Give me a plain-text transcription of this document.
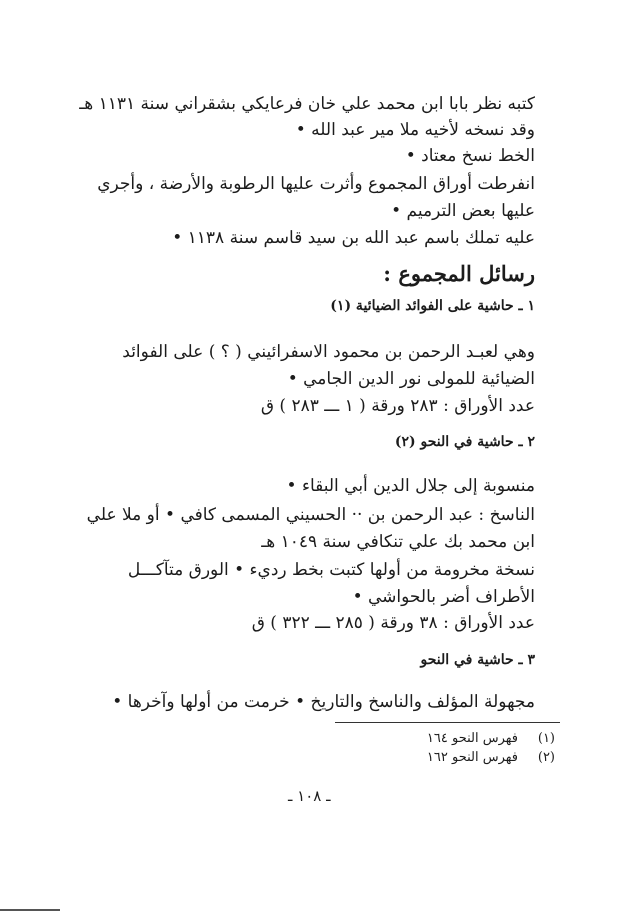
كتبه نظر بابا ابن محمد علي خان فرعايكي بشقراني سنة ١١٣١ هـ
وقد نسخه لأخيه ملا مير عبد الله •
الخط نسخ معتاد •
انفرطت أوراق المجموع وأثرت عليها الرطوبة والأرضة ، وأجري
عليها بعض الترميم •
عليه تملك باسم عبد الله بن سيد قاسم سنة ١١٣٨ •
رسائل المجموع :
١ ـ حاشية على الفوائد الضيائية (١)
وهي لعبـد الرحمن بن محمود الاسفرائيني ( ؟ ) على الفوائد
الضيائية للمولى نور الدين الجامي •
عدد الأوراق : ٢٨٣ ورقة ( ١ ـــ ٢٨٣ ) ق
٢ ـ حاشية في النحو (٢)
منسوبة إلى جلال الدين أبي البقاء •
الناسخ : عبد الرحمن بن ·· الحسيني المسمى كافي • أو ملا علي
ابن محمد بك علي تنكافي سنة ١٠٤٩ هـ
نسخة مخرومة من أولها كتبت بخط رديء • الورق متآكـــل
الأطراف أضر بالحواشي •
عدد الأوراق : ٣٨ ورقة ( ٢٨٥ ـــ ٣٢٢ ) ق
٣ ـ حاشية في النحو
مجهولة المؤلف والناسخ والتاريخ • خرمت من أولها وآخرها •
(١)
فهرس النحو ١٦٤
(٢)
فهرس النحو ١٦٢
ـ ١٠٨ ـ
